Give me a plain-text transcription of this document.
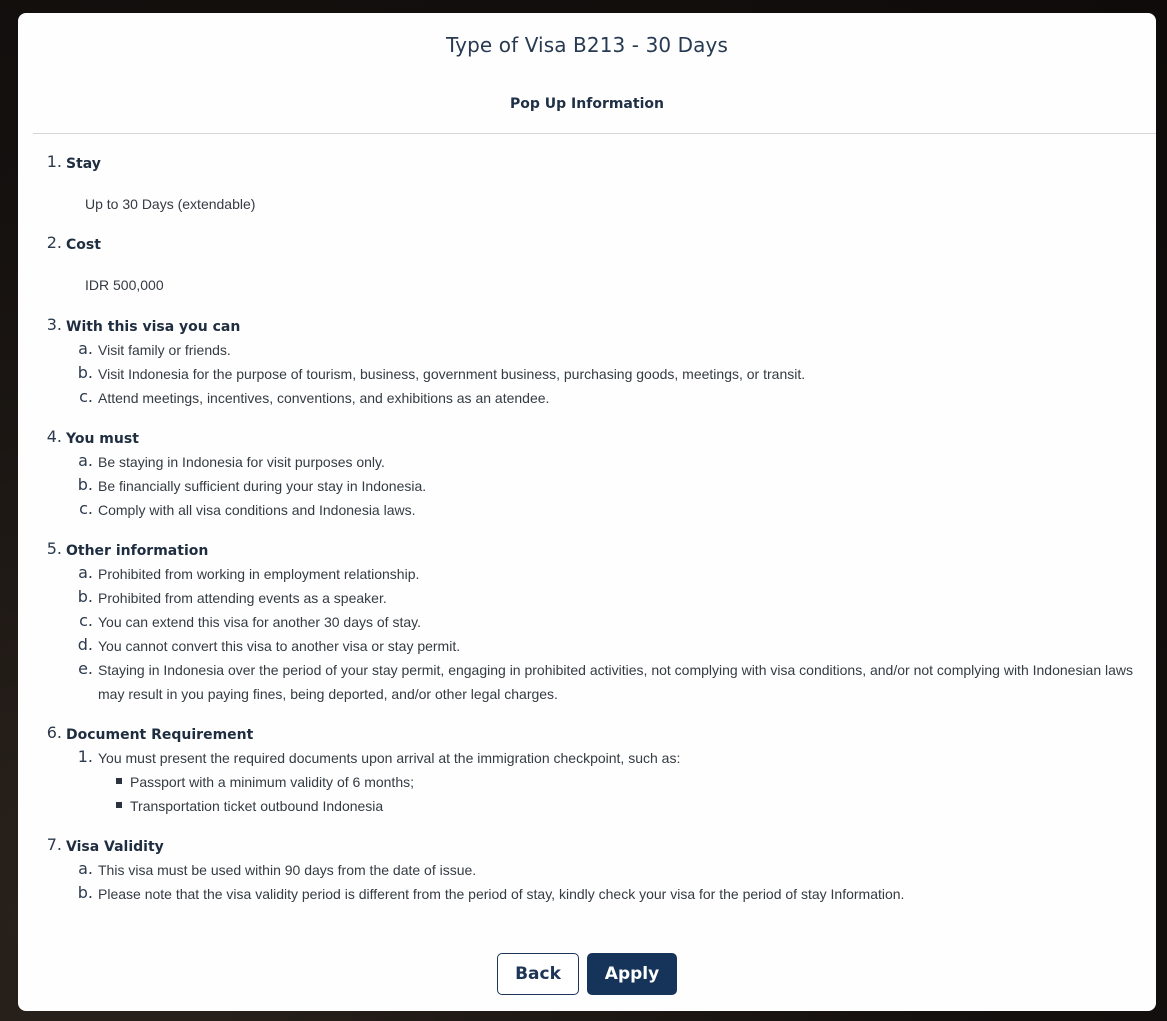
Type of Visa B213 - 30 Days
Pop Up Information
1. Stay
Up to 30 Days (extendable)
2. Cost
IDR 500,000
3. With this visa you can
a. Visit family or friends.
b. Visit Indonesia for the purpose of tourism, business, government business, purchasing goods, meetings, or transit.
c. Attend meetings, incentives, conventions, and exhibitions as an atendee.
4. You must
a. Be staying in Indonesia for visit purposes only.
b. Be financially sufficient during your stay in Indonesia.
c. Comply with all visa conditions and Indonesia laws.
5. Other information
a. Prohibited from working in employment relationship.
b. Prohibited from attending events as a speaker.
c. You can extend this visa for another 30 days of stay.
d. You cannot convert this visa to another visa or stay permit.
e. Staying in Indonesia over the period of your stay permit, engaging in prohibited activities, not complying with visa conditions, and/or not complying with Indonesian laws may result in you paying fines, being deported, and/or other legal charges.
6. Document Requirement
1. You must present the required documents upon arrival at the immigration checkpoint, such as:
Passport with a minimum validity of 6 months;
Transportation ticket outbound Indonesia
7. Visa Validity
a. This visa must be used within 90 days from the date of issue.
b. Please note that the visa validity period is different from the period of stay, kindly check your visa for the period of stay Information.
Back	Apply
